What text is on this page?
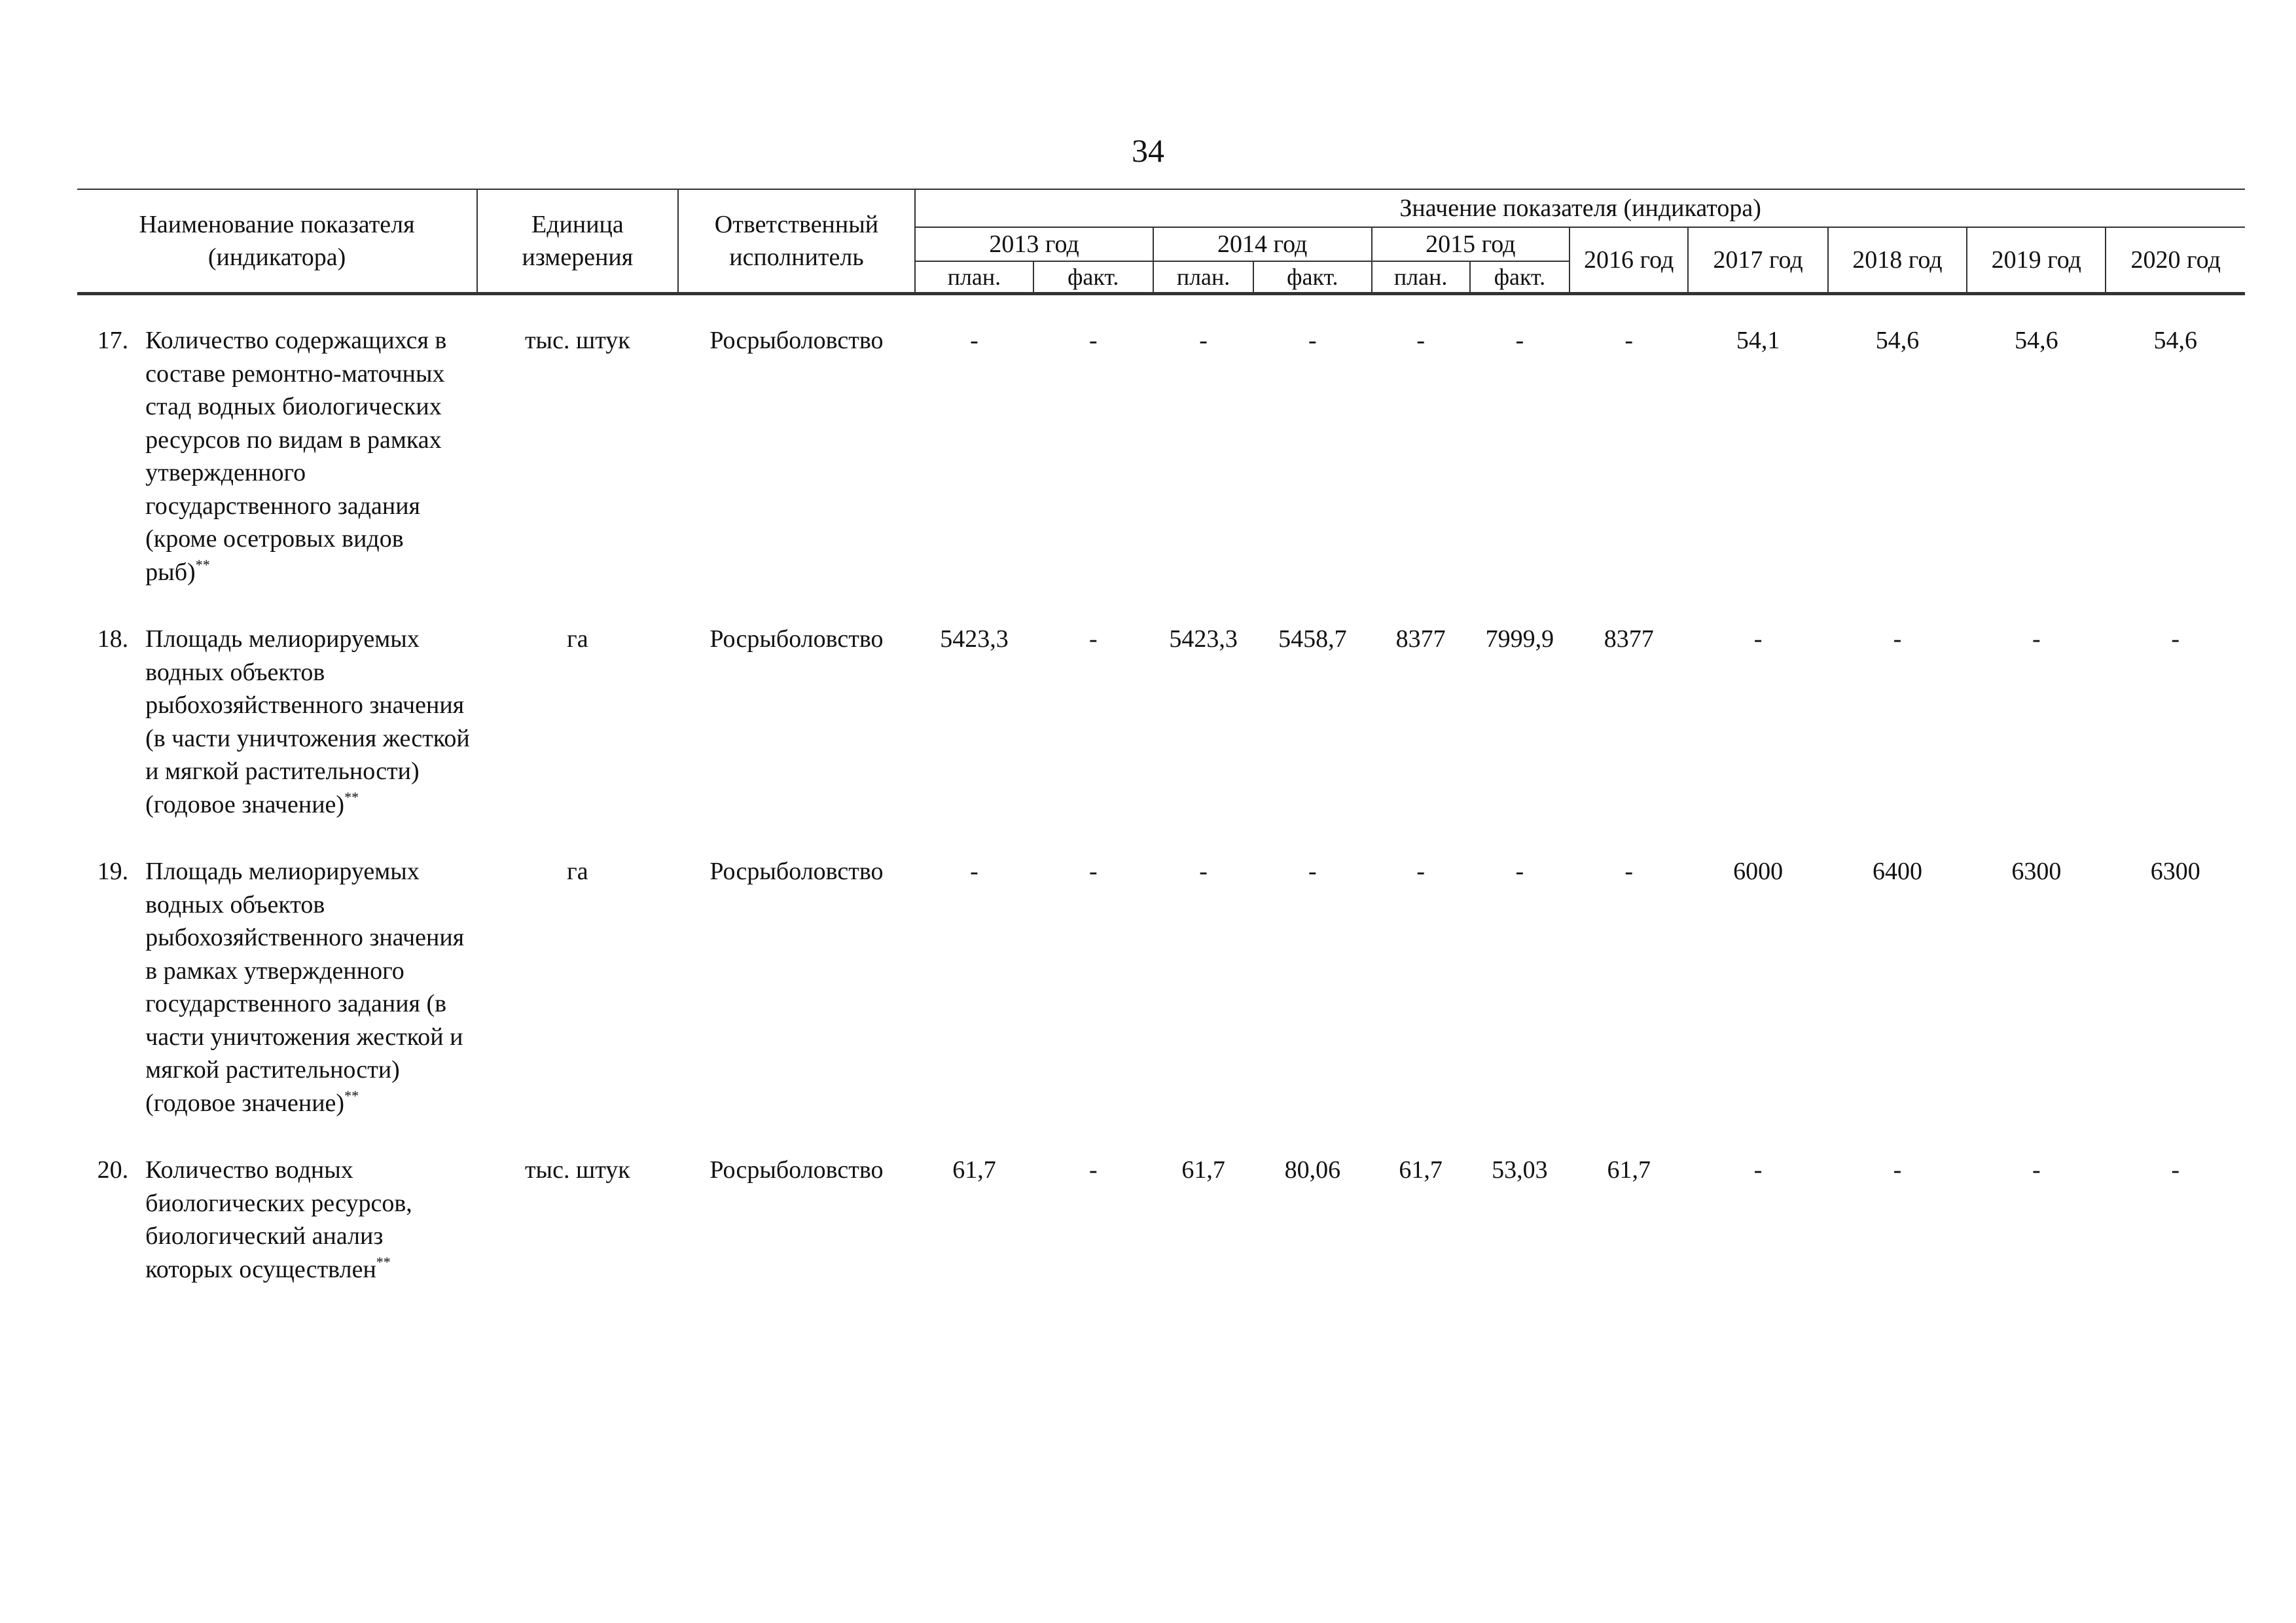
34
Наименование показателя (индикатора)	Единица измерения	Ответственный исполнитель	Значение показателя (индикатора)										
			2013 год		2014 год		2015 год		2016 год	2017 год	2018 год	2019 год	2020 год
			план.	факт.	план.	факт.	план.	факт.					
17.	Количество содержащихся в составе ремонтно-маточных стад водных биологических ресурсов по видам в рамках утвержденного государственного задания (кроме осетровых видов рыб)**	тыс. штук	Росрыболовство	-	-	-	-	-	-	-	54,1	54,6	54,6	54,6
18.	Площадь мелиорируемых водных объектов рыбохозяйственного значения (в части уничтожения жесткой и мягкой растительности) (годовое значение)**	га	Росрыболовство	5423,3	-	5423,3	5458,7	8377	7999,9	8377	-	-	-	-
19.	Площадь мелиорируемых водных объектов рыбохозяйственного значения в рамках утвержденного государственного задания (в части уничтожения жесткой и мягкой растительности) (годовое значение)**	га	Росрыболовство	-	-	-	-	-	-	-	6000	6400	6300	6300
20.	Количество водных биологических ресурсов, биологический анализ которых осуществлен**	тыс. штук	Росрыболовство	61,7	-	61,7	80,06	61,7	53,03	61,7	-	-	-	-
